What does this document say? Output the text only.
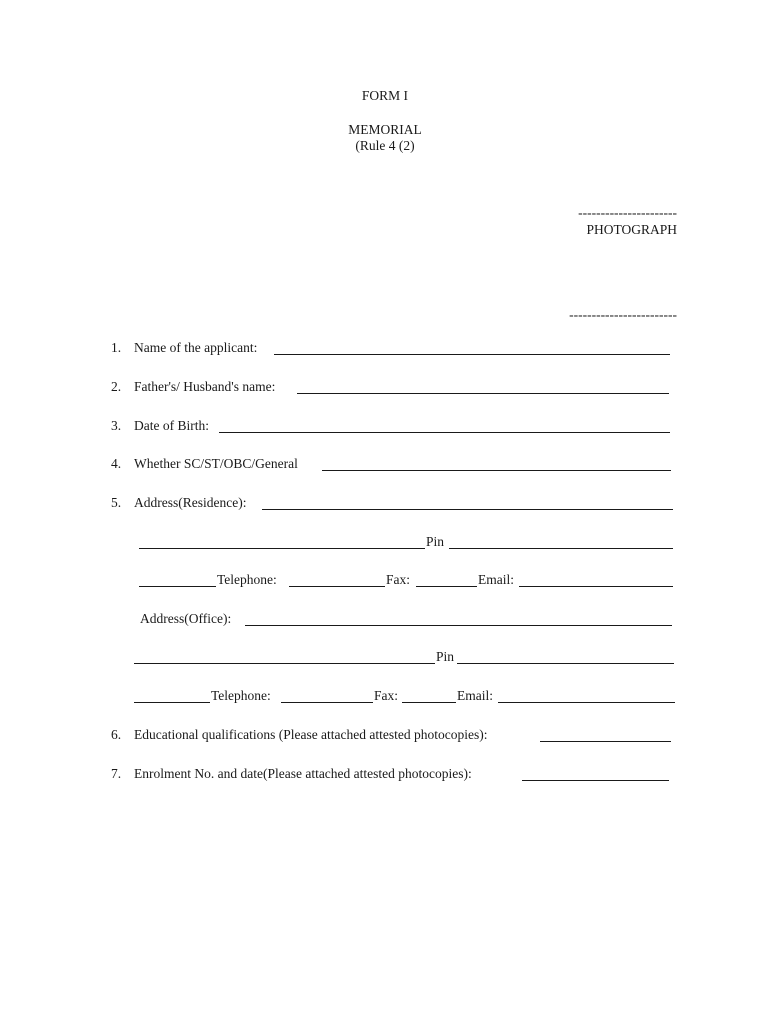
FORM I
MEMORIAL
(Rule 4 (2)
----------------------
PHOTOGRAPH
------------------------
1. Name of the applicant:
2. Father's/ Husband's name:
3. Date of Birth:
4. Whether SC/ST/OBC/General
5. Address(Residence):
Pin
Telephone:	Fax:	Email:
Address(Office):
Pin
Telephone:	Fax:	Email:
6. Educational qualifications (Please attached attested photocopies):
7. Enrolment No. and date(Please attached attested photocopies):
